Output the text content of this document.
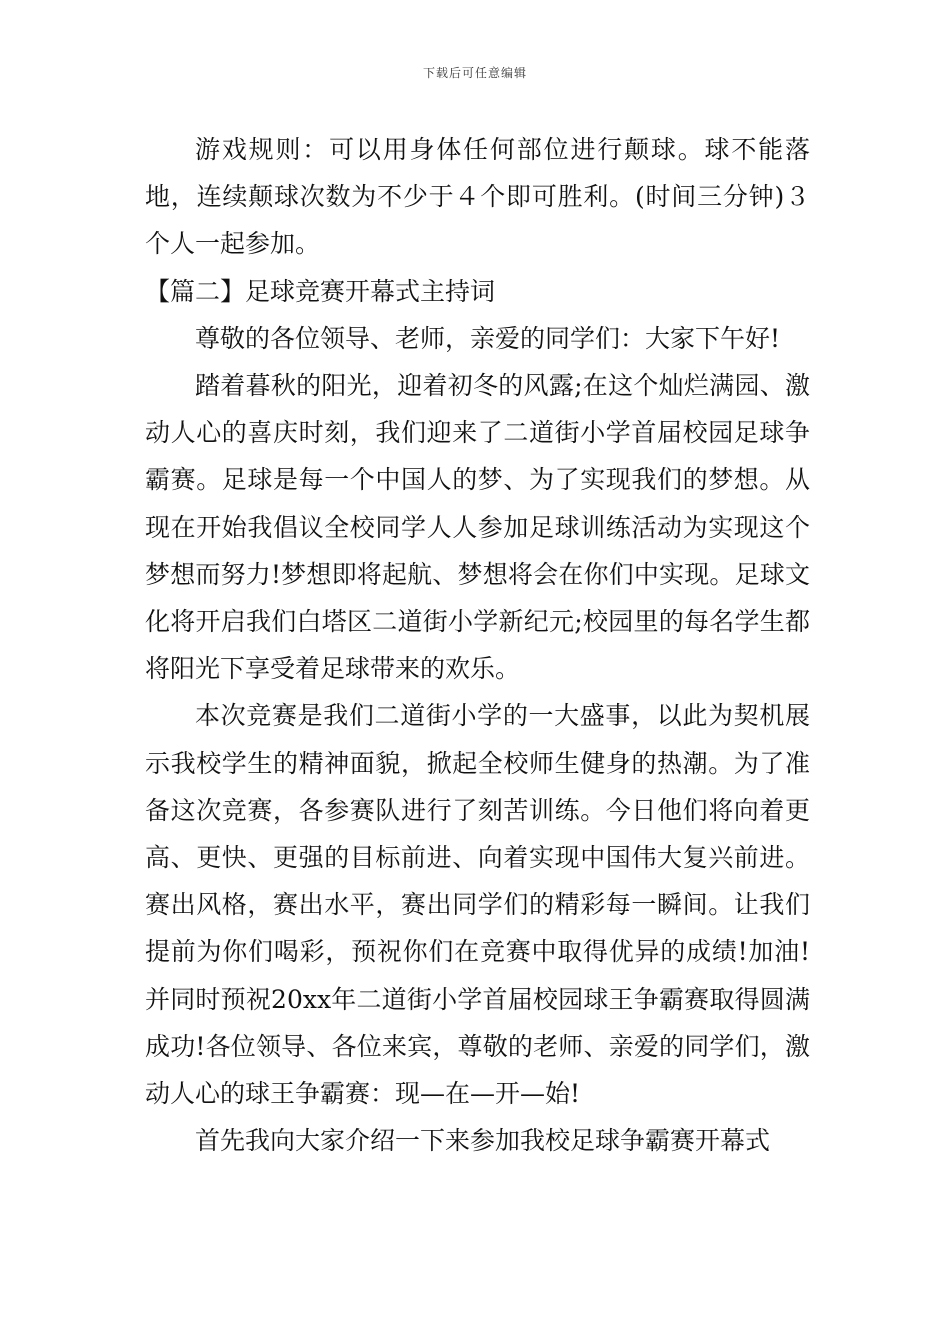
下载后可任意编辑

游戏规则：可以用身体任何部位进行颠球。球不能落地，连续颠球次数为不少于４个即可胜利。(时间三分钟)３个人一起参加。

【篇二】足球竞赛开幕式主持词

尊敬的各位领导、老师，亲爱的同学们：大家下午好!

踏着暮秋的阳光，迎着初冬的风露;在这个灿烂满园、激动人心的喜庆时刻，我们迎来了二道街小学首届校园足球争霸赛。足球是每一个中国人的梦、为了实现我们的梦想。从现在开始我倡议全校同学人人参加足球训练活动为实现这个梦想而努力!梦想即将起航、梦想将会在你们中实现。足球文化将开启我们白塔区二道街小学新纪元;校园里的每名学生都将阳光下享受着足球带来的欢乐。

本次竞赛是我们二道街小学的一大盛事，以此为契机展示我校学生的精神面貌，掀起全校师生健身的热潮。为了准备这次竞赛，各参赛队进行了刻苦训练。今日他们将向着更高、更快、更强的目标前进、向着实现中国伟大复兴前进。赛出风格，赛出水平，赛出同学们的精彩每一瞬间。让我们提前为你们喝彩，预祝你们在竞赛中取得优异的成绩!加油!并同时预祝20xx年二道街小学首届校园球王争霸赛取得圆满成功!各位领导、各位来宾，尊敬的老师、亲爱的同学们，激动人心的球王争霸赛：现—在—开—始!

首先我向大家介绍一下来参加我校足球争霸赛开幕式
